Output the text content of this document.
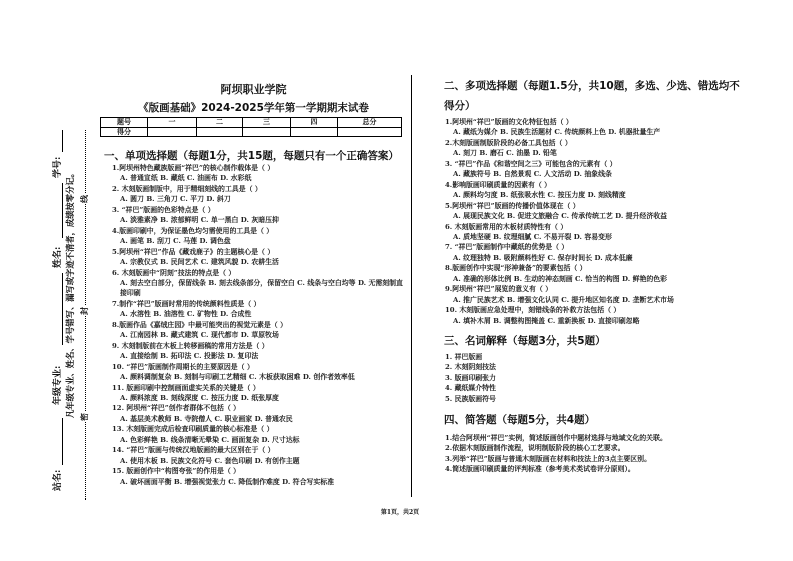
站名:
年级专业:
姓名:
学号:
凡年级专业、姓名、学号错写、漏写或字迹不清者，成绩按零分记。 密
封
线
阿坝职业学院
《版画基础》2024-2025学年第一学期期末试卷
题号	一	二	三	四	总分
得分					
一、单项选择题（每题1分，共15题，每题只有一个正确答案）
1.阿坝州特色藏族版画“祥巴”的核心制作载体是（ ）
A. 普通宣纸 B. 藏纸 C. 油画布 D. 水彩纸
2. 木刻版画制版中，用于精细刻线的工具是（ ）
A. 圆刀 B. 三角刀 C. 平刀 D. 斜刀
3. “祥巴”版画的色彩特点是（ ）
A. 淡雅素净 B. 浓郁鲜明 C. 单一黑白 D. 灰暗压抑
4.版画印刷中，为保证墨色均匀需使用的工具是（ ）
A. 画笔 B. 刮刀 C. 马莲 D. 调色盘
5.阿坝州“祥巴”作品《藏戏鹿子》的主题核心是（ ）
A. 宗教仪式 B. 民间艺术 C. 建筑风貌 D. 农耕生活
6. 木刻版画中“阴刻”技法的特点是（ ）
A. 刻去空白部分，保留线条 B. 刻去线条部分，保留空白 C. 线条与空白均等 D. 无需刻制直接印刷
7.制作“祥巴”版画时常用的传统颜料性质是（ ）
A. 水溶性 B. 油溶性 C. 矿物性 D. 合成性
8.版画作品《嘉绒庄园》中最可能突出的视觉元素是（ ）
A. 江南园林 B. 藏式建筑 C. 现代都市 D. 草原牧场
9. 木刻制版前在木板上转移画稿的常用方法是（ ）
A. 直接绘制 B. 拓印法 C. 投影法 D. 复印法
10. “祥巴”版画制作周期长的主要原因是（ ）
A. 颜料调制复杂 B. 刻制与印刷工艺精细 C. 木板获取困难 D. 创作者效率低
11. 版画印刷中控制画面虚实关系的关键是（ ）
A. 颜料浓度 B. 刻线深度 C. 按压力度 D. 纸张厚度
12. 阿坝州“祥巴”创作者群体不包括（ ）
A. 基层美术教师 B. 寺院僧人 C. 职业画家 D. 普通农民
13. 木刻版画完成后检查印刷质量的核心标准是（ ）
A. 色彩鲜艳 B. 线条清晰无晕染 C. 画面复杂 D. 尺寸达标
14. “祥巴”版画与传统汉地版画的最大区别在于（ ）
A. 使用木板 B. 民族文化符号 C. 套色印刷 D. 有创作主题
15. 版画创作中“构图夸张”的作用是（ ）
A. 破坏画面平衡 B. 增强视觉张力 C. 降低制作难度 D. 符合写实标准
二、多项选择题（每题1.5分，共10题，多选、少选、错选均不
得分）
1.阿坝州“祥巴”版画的文化特征包括（ ）
A. 藏纸为媒介 B. 民族生活题材 C. 传统颜料上色 D. 机器批量生产
2.木刻版画制版阶段的必备工具包括（ ）
A. 刻刀 B. 磨石 C. 油墨 D. 铅笔
3. “祥巴”作品《和谐空间之三》可能包含的元素有（ ）
A. 藏族符号 B. 自然景观 C. 人文活动 D. 抽象线条
4.影响版画印刷质量的因素有（ ）
A. 颜料均匀度 B. 纸张吸水性 C. 按压力度 D. 刻线精度
5.阿坝州“祥巴”版画的传播价值体现在（ ）
A. 展现民族文化 B. 促进文旅融合 C. 传承传统工艺 D. 提升经济收益
6. 木刻版画常用的木板材质特性有（ ）
A. 质地坚硬 B. 纹理细腻 C. 不易开裂 D. 容易变形
7. “祥巴”版画制作中藏纸的优势是（ ）
A. 纹理独特 B. 吸附颜料性好 C. 保存时间长 D. 成本低廉
8.版画创作中实现“形神兼备”的要素包括（ ）
A. 准确的形体比例 B. 生动的神态刻画 C. 恰当的构图 D. 鲜艳的色彩
9.阿坝州“祥巴”展览的意义有（ ）
A. 推广民族艺术 B. 增强文化认同 C. 提升地区知名度 D. 垄断艺术市场
10. 木刻版画应急处理中，刻错线条的补救方法包括（ ）
A. 填补木屑 B. 调整构图掩盖 C. 重新换板 D. 直接印刷忽略
三、名词解释（每题3分，共5题）
1. 祥巴版画
2. 木刻阴刻技法
3. 版画印刷张力
4. 藏纸媒介特性
5. 民族版画符号
四、简答题（每题5分，共4题）
1.结合阿坝州“祥巴”实例，简述版画创作中题材选择与地域文化的关联。
2.依据木刻版画制作流程，说明制版阶段的核心工艺要求。
3.列举“祥巴”版画与普通木刻版画在材料和技法上的3点主要区别。
4.简述版画印刷质量的评判标准（参考美术类试卷评分原则）。
第1页，共2页
